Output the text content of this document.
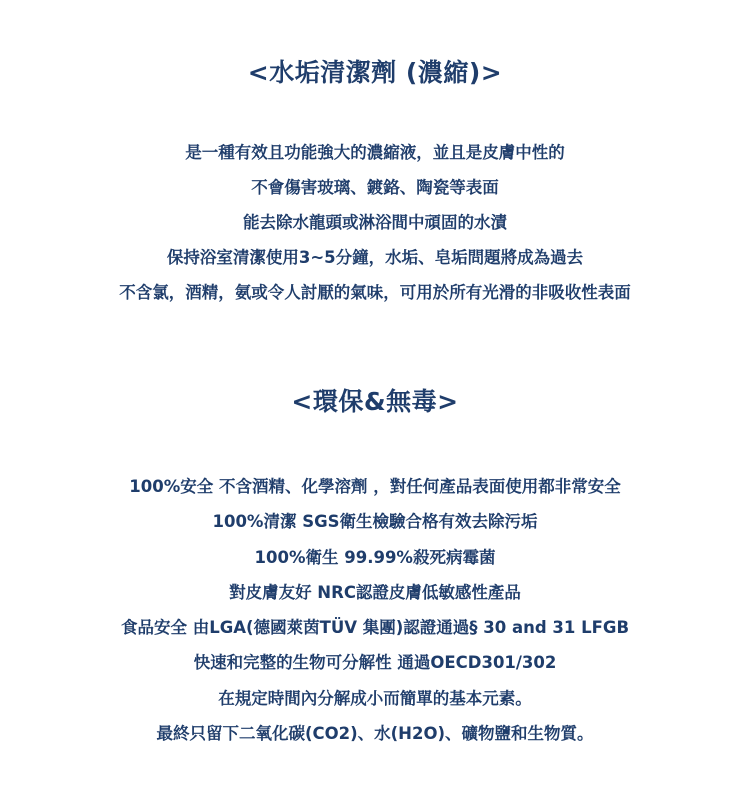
<水垢清潔劑 (濃縮)>
是一種有效且功能強大的濃縮液，並且是皮膚中性的
不會傷害玻璃、鍍鉻、陶瓷等表面
能去除水龍頭或淋浴間中頑固的水漬
保持浴室清潔使用3~5分鐘，水垢、皂垢問題將成為過去
不含氯，酒精，氨或令人討厭的氣味，可用於所有光滑的非吸收性表面
<環保&無毒>
100%安全 不含酒精、化學溶劑 ，對任何產品表面使用都非常安全
100%清潔 SGS衛生檢驗合格有效去除污垢
100%衛生 99.99%殺死病霉菌
對皮膚友好 NRC認證皮膚低敏感性產品
食品安全 由LGA(德國萊茵TÜV 集團)認證通過§ 30 and 31 LFGB
快速和完整的生物可分解性 通過OECD301/302
在規定時間內分解成小而簡單的基本元素。
最終只留下二氧化碳(CO2)、水(H2O)、礦物鹽和生物質。
